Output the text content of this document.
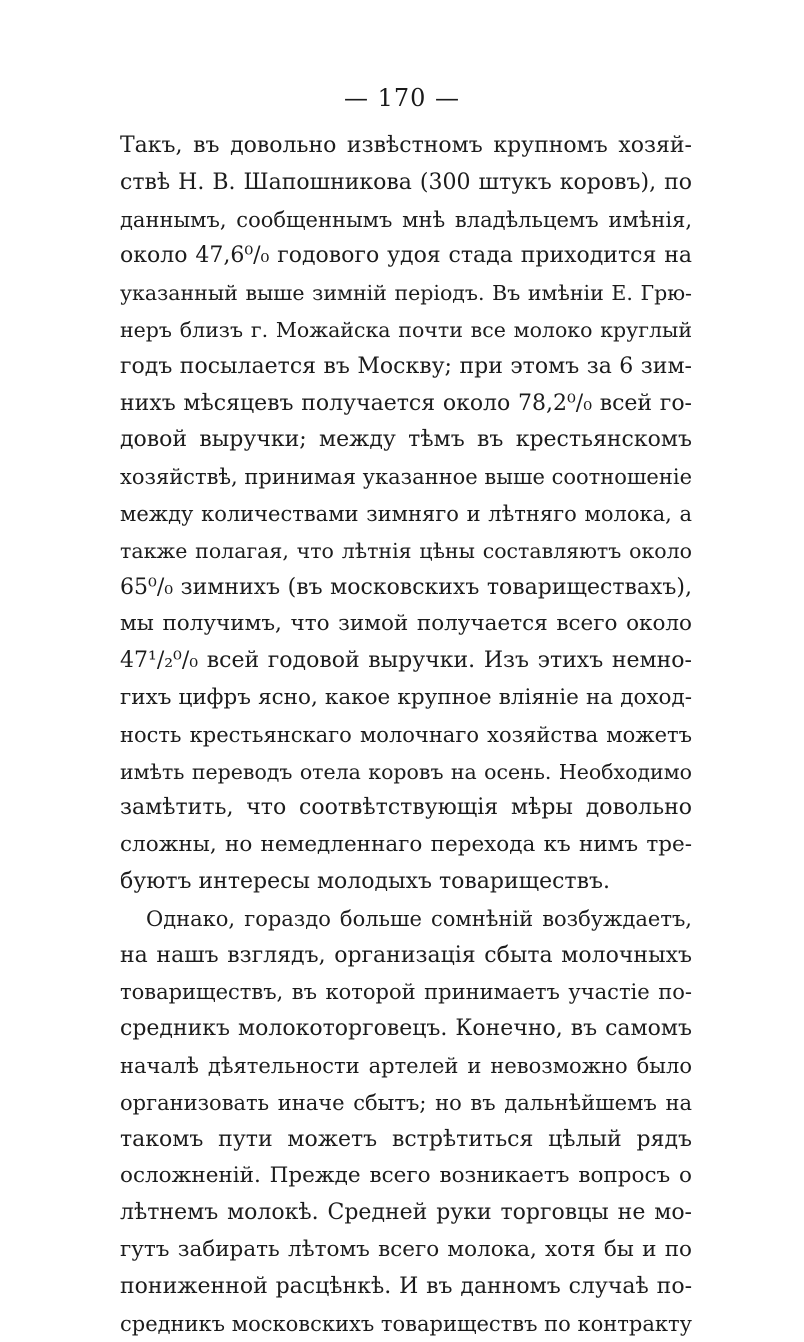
— 170 —
Такъ, въ довольно извѣстномъ крупномъ хозяй-
ствѣ Н. В. Шапошникова (300 штукъ коровъ), по
даннымъ, сообщеннымъ мнѣ владѣльцемъ имѣнія,
около 47,6⁰/₀ годового удоя стада приходится на
указанный выше зимній періодъ. Въ имѣніи Е. Грю-
неръ близъ г. Можайска почти все молоко круглый
годъ посылается въ Москву; при этомъ за 6 зим-
нихъ мѣсяцевъ получается около 78,2⁰/₀ всей го-
довой выручки; между тѣмъ въ крестьянскомъ
хозяйствѣ, принимая указанное выше соотношеніе
между количествами зимняго и лѣтняго молока, а
также полагая, что лѣтнія цѣны составляютъ около
65⁰/₀ зимнихъ (въ московскихъ товариществахъ),
мы получимъ, что зимой получается всего около
47¹/₂⁰/₀ всей годовой выручки. Изъ этихъ немно-
гихъ цифръ ясно, какое крупное вліяніе на доход-
ность крестьянскаго молочнаго хозяйства можетъ
имѣть переводъ отела коровъ на осень. Необходимо
замѣтить, что соотвѣтствующія мѣры довольно
сложны, но немедленнаго перехода къ нимъ тре-
буютъ интересы молодыхъ товариществъ.
Однако, гораздо больше сомнѣній возбуждаетъ,
на нашъ взглядъ, организація сбыта молочныхъ
товариществъ, въ которой принимаетъ участіе по-
средникъ молокоторговецъ. Конечно, въ самомъ
началѣ дѣятельности артелей и невозможно было
организовать иначе сбытъ; но въ дальнѣйшемъ на
такомъ пути можетъ встрѣтиться цѣлый рядъ
осложненій. Прежде всего возникаетъ вопросъ о
лѣтнемъ молокѣ. Средней руки торговцы не мо-
гутъ забирать лѣтомъ всего молока, хотя бы и по
пониженной расцѣнкѣ. И въ данномъ случаѣ по-
средникъ московскихъ товариществъ по контракту
